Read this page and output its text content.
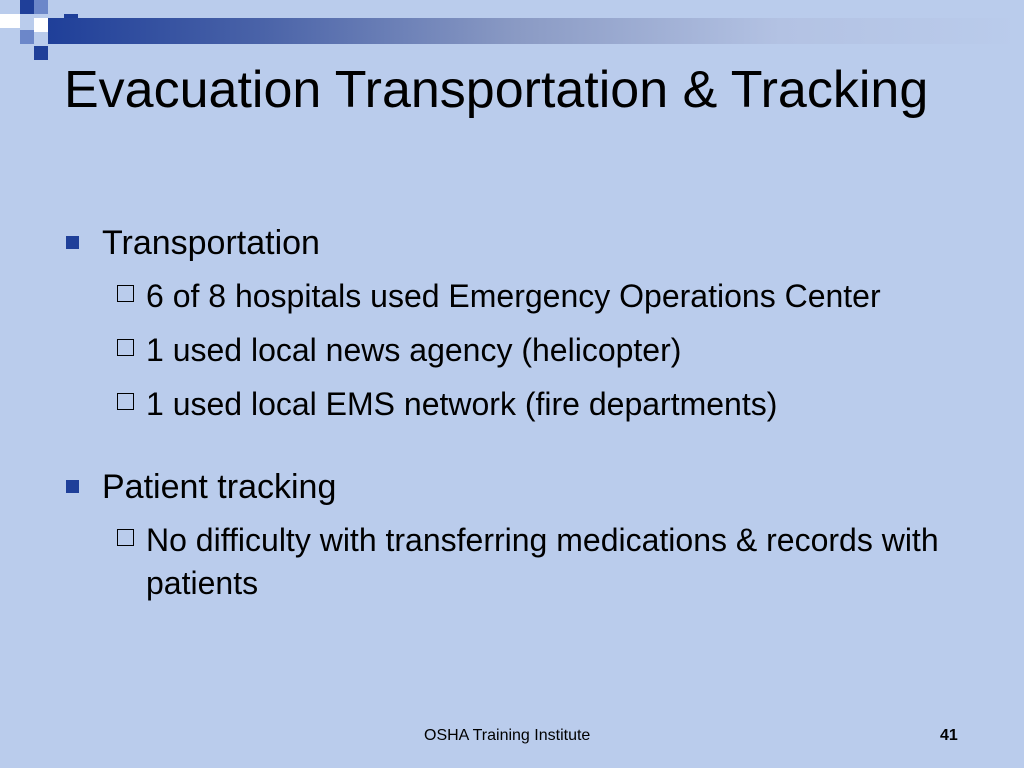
Evacuation Transportation & Tracking
Transportation
6 of 8 hospitals used Emergency Operations Center
1 used local news agency (helicopter)
1 used local EMS network (fire departments)
Patient tracking
No difficulty with transferring medications & records with patients
OSHA Training Institute	41
